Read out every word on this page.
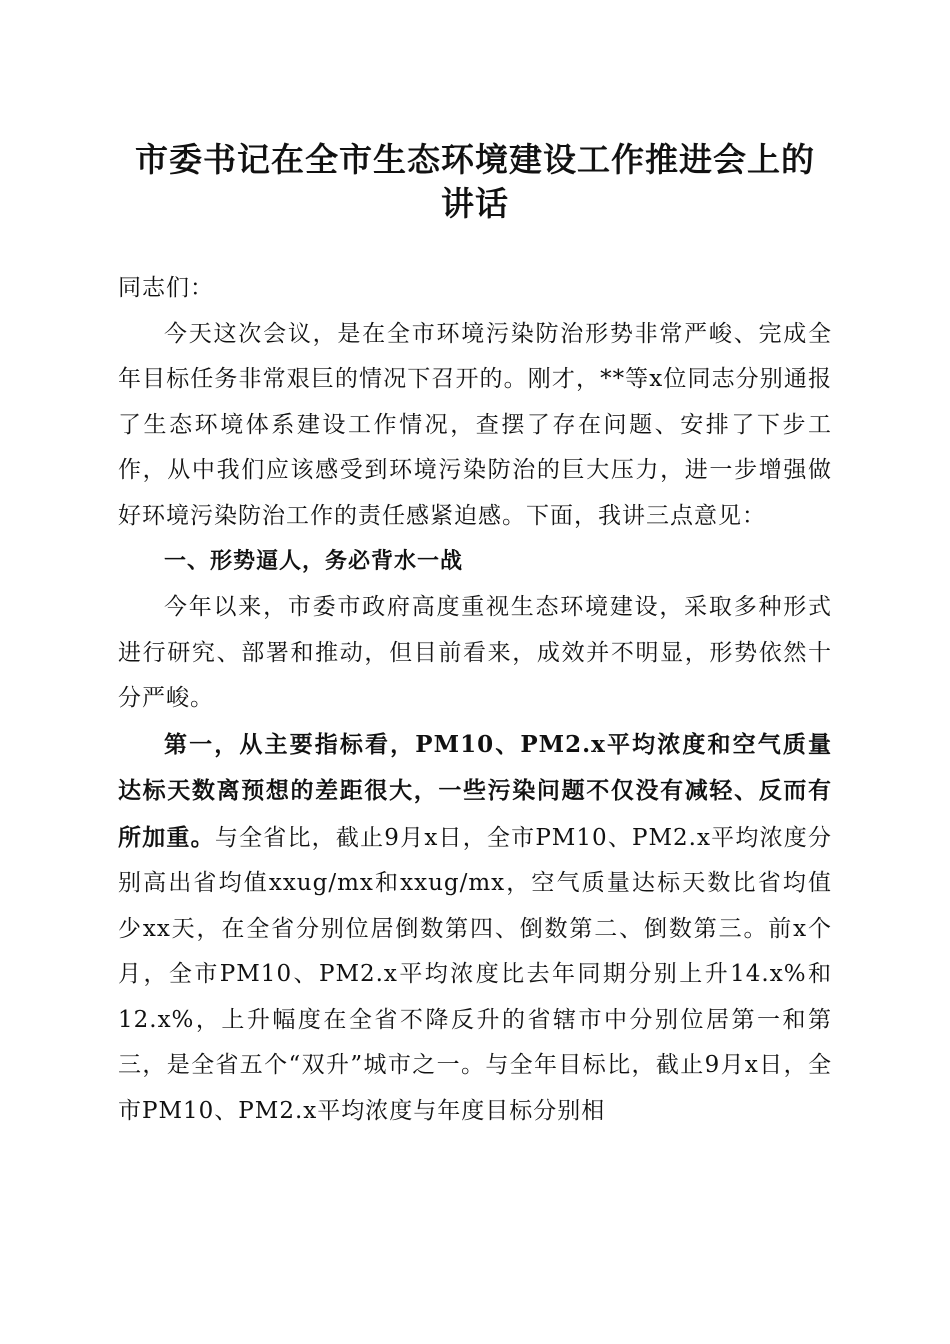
市委书记在全市生态环境建设工作推进会上的
讲话

同志们：

今天这次会议，是在全市环境污染防治形势非常严峻、完成全年目标任务非常艰巨的情况下召开的。刚才，**等x位同志分别通报了生态环境体系建设工作情况，查摆了存在问题、安排了下步工作，从中我们应该感受到环境污染防治的巨大压力，进一步增强做好环境污染防治工作的责任感紧迫感。下面，我讲三点意见：

一、形势逼人，务必背水一战

今年以来，市委市政府高度重视生态环境建设，采取多种形式进行研究、部署和推动，但目前看来，成效并不明显，形势依然十分严峻。

第一，从主要指标看，PM10、PM2.x平均浓度和空气质量达标天数离预想的差距很大，一些污染问题不仅没有减轻、反而有所加重。与全省比，截止9月x日，全市PM10、PM2.x平均浓度分别高出省均值xxug/mx和xxug/mx，空气质量达标天数比省均值少xx天，在全省分别位居倒数第四、倒数第二、倒数第三。前x个月，全市PM10、PM2.x平均浓度比去年同期分别上升14.x%和12.x%，上升幅度在全省不降反升的省辖市中分别位居第一和第三，是全省五个“双升”城市之一。与全年目标比，截止9月x日，全市PM10、PM2.x平均浓度与年度目标分别相
